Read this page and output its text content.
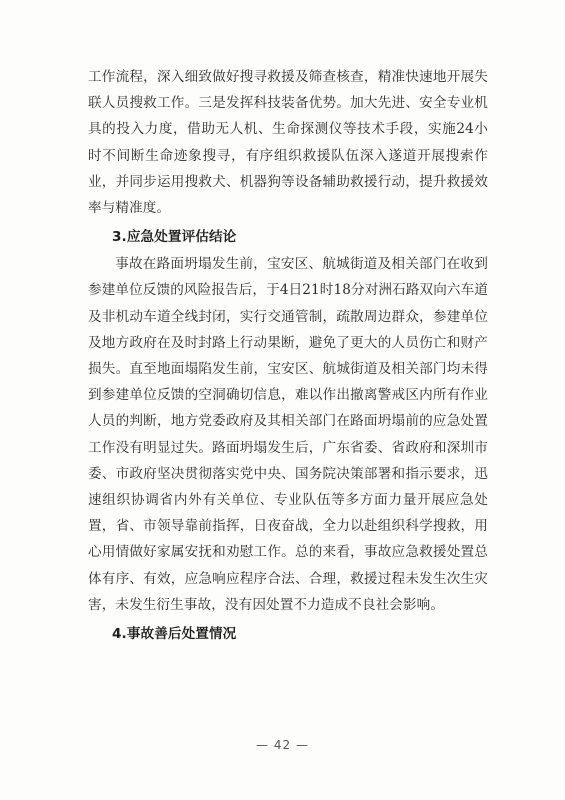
工作流程，深入细致做好搜寻救援及筛查核查，精准快速地开展失联人员搜救工作。三是发挥科技装备优势。加大先进、安全专业机具的投入力度，借助无人机、生命探测仪等技术手段，实施24小时不间断生命迹象搜寻，有序组织救援队伍深入遂道开展搜索作业，并同步运用搜救犬、机器狗等设备辅助救援行动，提升救援效率与精准度。

3.应急处置评估结论

事故在路面坍塌发生前，宝安区、航城街道及相关部门在收到参建单位反馈的风险报告后，于4日21时18分对洲石路双向六车道及非机动车道全线封闭，实行交通管制，疏散周边群众，参建单位及地方政府在及时封路上行动果断，避免了更大的人员伤亡和财产损失。直至地面塌陷发生前，宝安区、航城街道及相关部门均未得到参建单位反馈的空洞确切信息，难以作出撤离警戒区内所有作业人员的判断，地方党委政府及其相关部门在路面坍塌前的应急处置工作没有明显过失。路面坍塌发生后，广东省委、省政府和深圳市委、市政府坚决贯彻落实党中央、国务院决策部署和指示要求，迅速组织协调省内外有关单位、专业队伍等多方面力量开展应急处置，省、市领导靠前指挥，日夜奋战，全力以赴组织科学搜救，用心用情做好家属安抚和劝慰工作。总的来看，事故应急救援处置总体有序、有效，应急响应程序合法、合理，救援过程未发生次生灾害，未发生衍生事故，没有因处置不力造成不良社会影响。

4.事故善后处置情况

— 42 —
